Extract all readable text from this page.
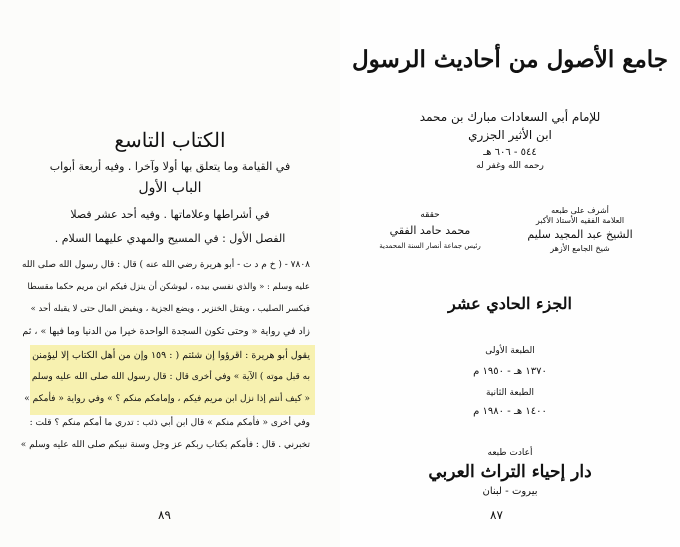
الكتاب التاسع
في القيامة وما يتعلق بها أولا وآخرا . وفيه أربعة أبواب
الباب الأول
في أشراطها وعلاماتها . وفيه أحد عشر فصلا
الفصل الأول : في المسيح والمهدي عليهما السلام .
٧٨٠٨ - ( خ م د ت - أبو هريرة رضي الله عنه ) قال : قال رسول الله صلى الله
عليه وسلم : « والذي نفسي بيده ، ليوشكن أن ينزل فيكم ابن مريم حكما مقسطا
فيكسر الصليب ، ويقتل الخنزير ، ويضع الجزية ، ويفيض المال حتى لا يقبله أحد »
زاد في رواية « وحتى تكون السجدة الواحدة خيرا من الدنيا وما فيها » ، ثم
يقول أبو هريرة : اقرؤوا إن شئتم ( : ١٥٩ وإن من أهل الكتاب إلا ليؤمنن
به قبل موته ) الآية » وفي أخرى قال : قال رسول الله صلى الله عليه وسلم
« كيف أنتم إذا نزل ابن مريم فيكم ، وإمامكم منكم ؟ » وفي رواية « فأمكم »
وفي أخرى « فأمكم منكم » قال ابن أبي ذئب : تدري ما أمكم منكم ؟ قلت :
تخبرني . قال : فأمكم بكتاب ربكم عز وجل وسنة نبيكم صلى الله عليه وسلم »
٨٩
جامع الأصول من أحاديث الرسول
للإمام أبي السعادات مبارك بن محمد
ابن الأثير الجزري
٥٤٤ - ٦٠٦ هـ
رحمه الله وغفر له
أشرف على طبعه
العلامة الفقيه الأستاذ الأكبر
الشيخ عبد المجيد سليم
شيخ الجامع الأزهر
حققه
محمد حامد الفقي
رئيس جماعة أنصار السنة المحمدية
الجزء الحادي عشر
الطبعة الأولى
١٣٧٠ هـ - ١٩٥٠ م
الطبعة الثانية
١٤٠٠ هـ - ١٩٨٠ م
أعادت طبعه
دار إحياء التراث العربي
بيروت - لبنان
٨٧
